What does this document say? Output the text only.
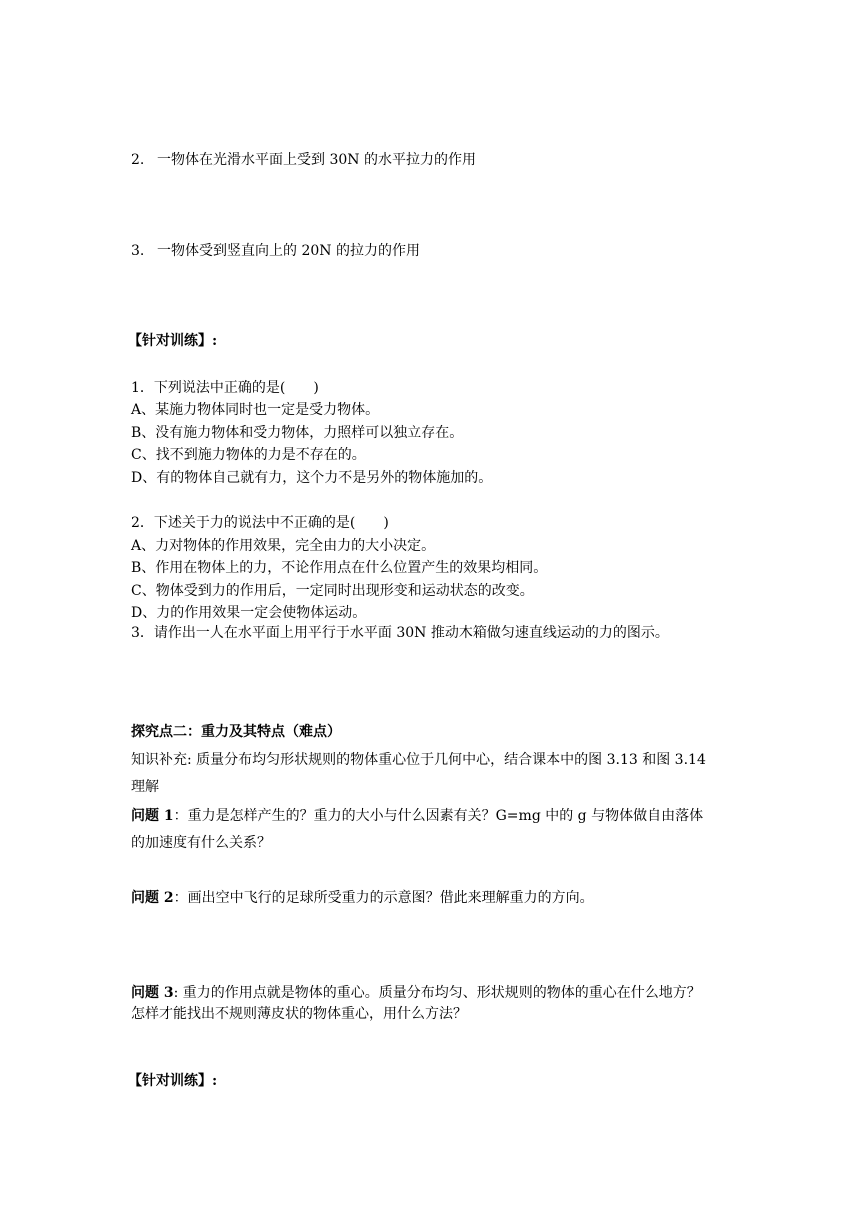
2. 一物体在光滑水平面上受到 30N 的水平拉力的作用
3. 一物体受到竖直向上的 20N 的拉力的作用
【针对训练】:
1．下列说法中正确的是(　　)
A、某施力物体同时也一定是受力物体。
B、没有施力物体和受力物体，力照样可以独立存在。
C、找不到施力物体的力是不存在的。
D、有的物体自己就有力，这个力不是另外的物体施加的。
2．下述关于力的说法中不正确的是(　　)
A、力对物体的作用效果，完全由力的大小决定。
B、作用在物体上的力，不论作用点在什么位置产生的效果均相同。
C、物体受到力的作用后，一定同时出现形变和运动状态的改变。
D、力的作用效果一定会使物体运动。
3．请作出一人在水平面上用平行于水平面 30N 推动木箱做匀速直线运动的力的图示。
探究点二：重力及其特点（难点）
知识补充: 质量分布均匀形状规则的物体重心位于几何中心，结合课本中的图 3.13 和图 3.14
理解
问题 1：重力是怎样产生的？重力的大小与什么因素有关？G=mg 中的 g 与物体做自由落体
的加速度有什么关系？
问题 2：画出空中飞行的足球所受重力的示意图？借此来理解重力的方向。
问题 3: 重力的作用点就是物体的重心。质量分布均匀、形状规则的物体的重心在什么地方？
怎样才能找出不规则薄皮状的物体重心，用什么方法？
【针对训练】:
